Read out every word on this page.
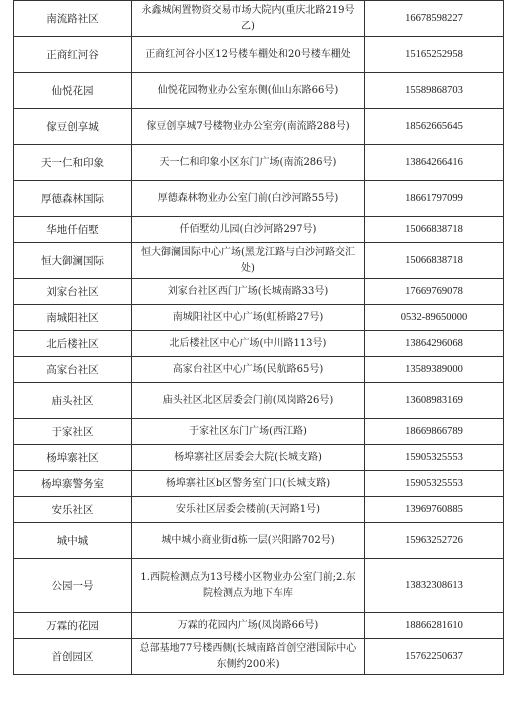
南流路社区	永鑫城闲置物资交易市场大院内(重庆北路219号乙)	16678598227
正商红河谷	正商红河谷小区12号楼车棚处和20号楼车棚处	15165252958
仙悦花园	仙悦花园物业办公室东侧(仙山东路66号)	15589868703
傢豆创享城	傢豆创享城7号楼物业办公室旁(南流路288号)	18562665645
天一仁和印象	天一仁和印象小区东门广场(南流286号)	13864266416
厚德森林国际	厚德森林物业办公室门前(白沙河路55号)	18661797099
华地仟佰墅	仟佰墅幼儿园(白沙河路297号)	15066838718
恒大御澜国际	恒大御澜国际中心广场(黑龙江路与白沙河路交汇处)	15066838718
刘家台社区	刘家台社区西门广场(长城南路33号)	17669769078
南城阳社区	南城阳社区中心广场(虹桥路27号)	0532-89650000
北后楼社区	北后楼社区中心广场(中川路113号)	13864296068
高家台社区	高家台社区中心广场(民航路65号)	13589389000
庙头社区	庙头社区北区居委会门前(凤岗路26号)	13608983169
于家社区	于家社区东门广场(西江路)	18669866789
杨埠寨社区	杨埠寨社区居委会大院(长城支路)	15905325553
杨埠寨警务室	杨埠寨社区b区警务室门口(长城支路)	15905325553
安乐社区	安乐社区居委会楼前(天河路1号)	13969760885
城中城	城中城小商业街d栋一层(兴阳路702号)	15963252726
公园一号	1.西院检测点为13号楼小区物业办公室门前;2.东院检测点为地下车库	13832308613
万霖的花园	万霖的花园内广场(凤岗路66号)	18866281610
首创园区	总部基地77号楼西侧(长城南路首创空港国际中心东侧约200米)	15762250637
